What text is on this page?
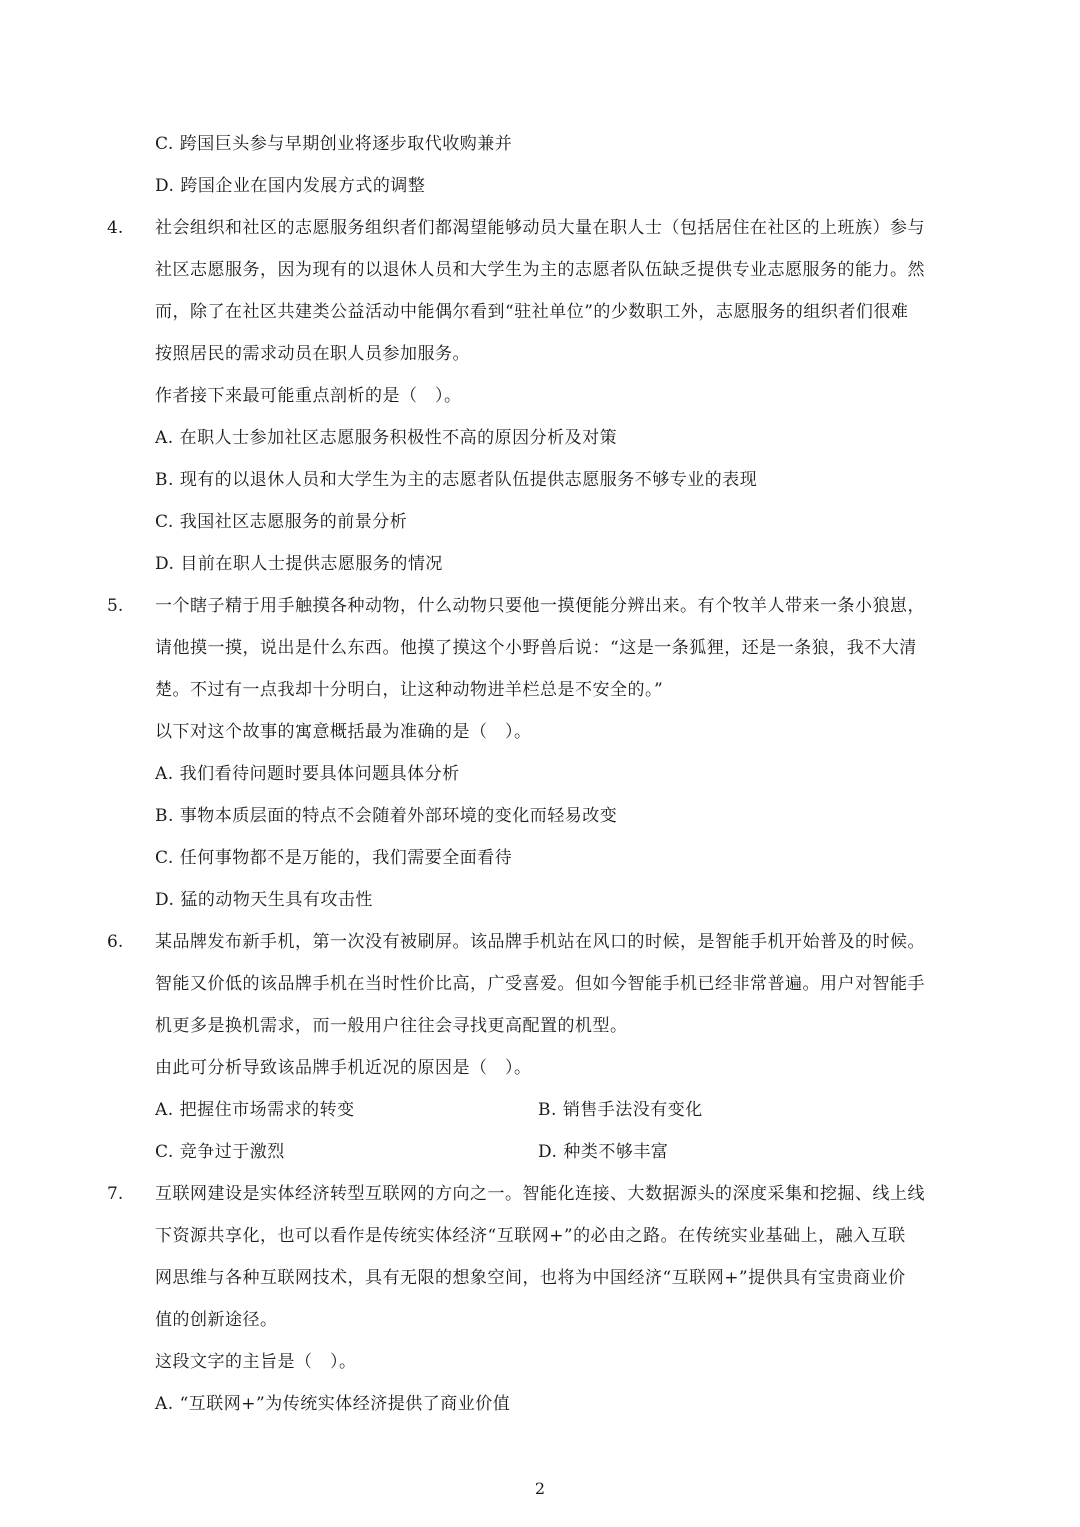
C. 跨国巨头参与早期创业将逐步取代收购兼并
D. 跨国企业在国内发展方式的调整
4. 社会组织和社区的志愿服务组织者们都渴望能够动员大量在职人士（包括居住在社区的上班族）参与
社区志愿服务，因为现有的以退休人员和大学生为主的志愿者队伍缺乏提供专业志愿服务的能力。然
而，除了在社区共建类公益活动中能偶尔看到“驻社单位”的少数职工外，志愿服务的组织者们很难
按照居民的需求动员在职人员参加服务。
作者接下来最可能重点剖析的是（　）。
A. 在职人士参加社区志愿服务积极性不高的原因分析及对策
B. 现有的以退休人员和大学生为主的志愿者队伍提供志愿服务不够专业的表现
C. 我国社区志愿服务的前景分析
D. 目前在职人士提供志愿服务的情况
5. 一个瞎子精于用手触摸各种动物，什么动物只要他一摸便能分辨出来。有个牧羊人带来一条小狼崽，
请他摸一摸，说出是什么东西。他摸了摸这个小野兽后说：“这是一条狐狸，还是一条狼，我不大清
楚。不过有一点我却十分明白，让这种动物进羊栏总是不安全的。”
以下对这个故事的寓意概括最为准确的是（　）。
A. 我们看待问题时要具体问题具体分析
B. 事物本质层面的特点不会随着外部环境的变化而轻易改变
C. 任何事物都不是万能的，我们需要全面看待
D. 猛的动物天生具有攻击性
6. 某品牌发布新手机，第一次没有被刷屏。该品牌手机站在风口的时候，是智能手机开始普及的时候。
智能又价低的该品牌手机在当时性价比高，广受喜爱。但如今智能手机已经非常普遍。用户对智能手
机更多是换机需求，而一般用户往往会寻找更高配置的机型。
由此可分析导致该品牌手机近况的原因是（　）。
A. 把握住市场需求的转变	B. 销售手法没有变化
C. 竞争过于激烈	D. 种类不够丰富
7. 互联网建设是实体经济转型互联网的方向之一。智能化连接、大数据源头的深度采集和挖掘、线上线
下资源共享化，也可以看作是传统实体经济“互联网+”的必由之路。在传统实业基础上，融入互联
网思维与各种互联网技术，具有无限的想象空间，也将为中国经济“互联网+”提供具有宝贵商业价
值的创新途径。
这段文字的主旨是（　）。
A. “互联网+”为传统实体经济提供了商业价值
2
